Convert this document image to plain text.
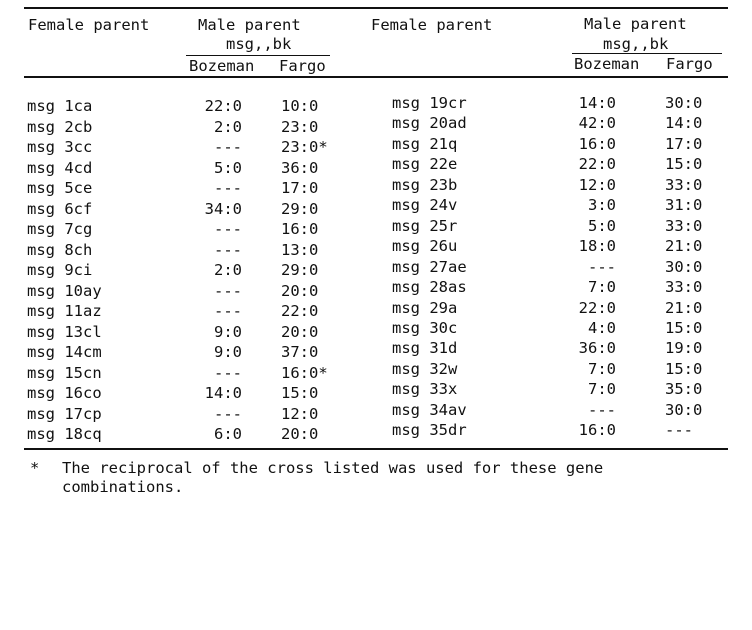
Female parent

	Male parent

msg,,bk

Bozeman

Fargo

Female parent

	Male parent

msg,,bk

Bozeman

Fargo

msg 1ca	22:0	10:0
msg 2cb	2:0	23:0
msg 3cc	---	23:0*
msg 4cd	5:0	36:0
msg 5ce	---	17:0
msg 6cf	34:0	29:0
msg 7cg	---	16:0
msg 8ch	---	13:0
msg 9ci	2:0	29:0
msg 10ay	---	20:0
msg 11az	---	22:0
msg 13cl	9:0	20:0
msg 14cm	9:0	37:0
msg 15cn	---	16:0*
msg 16co	14:0	15:0
msg 17cp	---	12:0
msg 18cq	6:0	20:0

msg 19cr	14:0	30:0
msg 20ad	42:0	14:0
msg 21q	16:0	17:0
msg 22e	22:0	15:0
msg 23b	12:0	33:0
msg 24v	3:0	31:0
msg 25r	5:0	33:0
msg 26u	18:0	21:0
msg 27ae	---	30:0
msg 28as	7:0	33:0
msg 29a	22:0	21:0
msg 30c	4:0	15:0
msg 31d	36:0	19:0
msg 32w	7:0	15:0
msg 33x	7:0	35:0
msg 34av	---	30:0
msg 35dr	16:0	---

* The reciprocal of the cross listed was used for these gene combinations.
